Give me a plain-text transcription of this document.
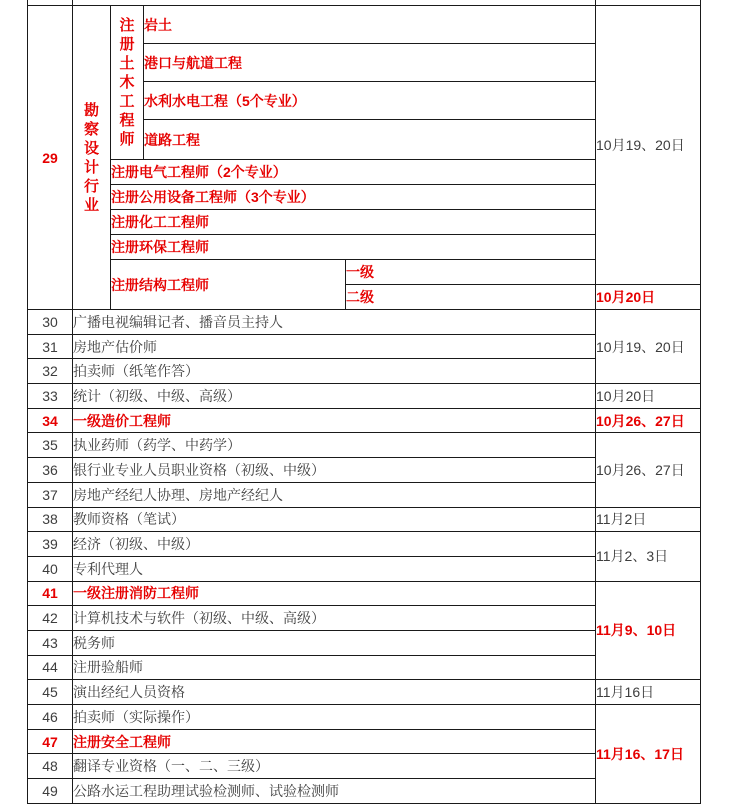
29	勘察设计行业	注册土木工程师	岩土		10月19、20日
			港口与航道工程		
			水利水电工程（5个专业）		
			道路工程		
		注册电气工程师（2个专业）			
		注册公用设备工程师（3个专业）			
		注册化工工程师			
		注册环保工程师			
		注册结构工程师		一级	
				二级	10月20日
30	广播电视编辑记者、播音员主持人				10月19、20日
31	房地产估价师				
32	拍卖师（纸笔作答）				
33	统计（初级、中级、高级）				10月20日
34	一级造价工程师				10月26、27日
35	执业药师（药学、中药学）				10月26、27日
36	银行业专业人员职业资格（初级、中级）				
37	房地产经纪人协理、房地产经纪人				
38	教师资格（笔试）				11月2日
39	经济（初级、中级）				11月2、3日
40	专利代理人				
41	一级注册消防工程师				11月9、10日
42	计算机技术与软件（初级、中级、高级）				
43	税务师				
44	注册验船师				
45	演出经纪人员资格				11月16日
46	拍卖师（实际操作）				11月16、17日
47	注册安全工程师				
48	翻译专业资格（一、二、三级）				
49	公路水运工程助理试验检测师、试验检测师				
